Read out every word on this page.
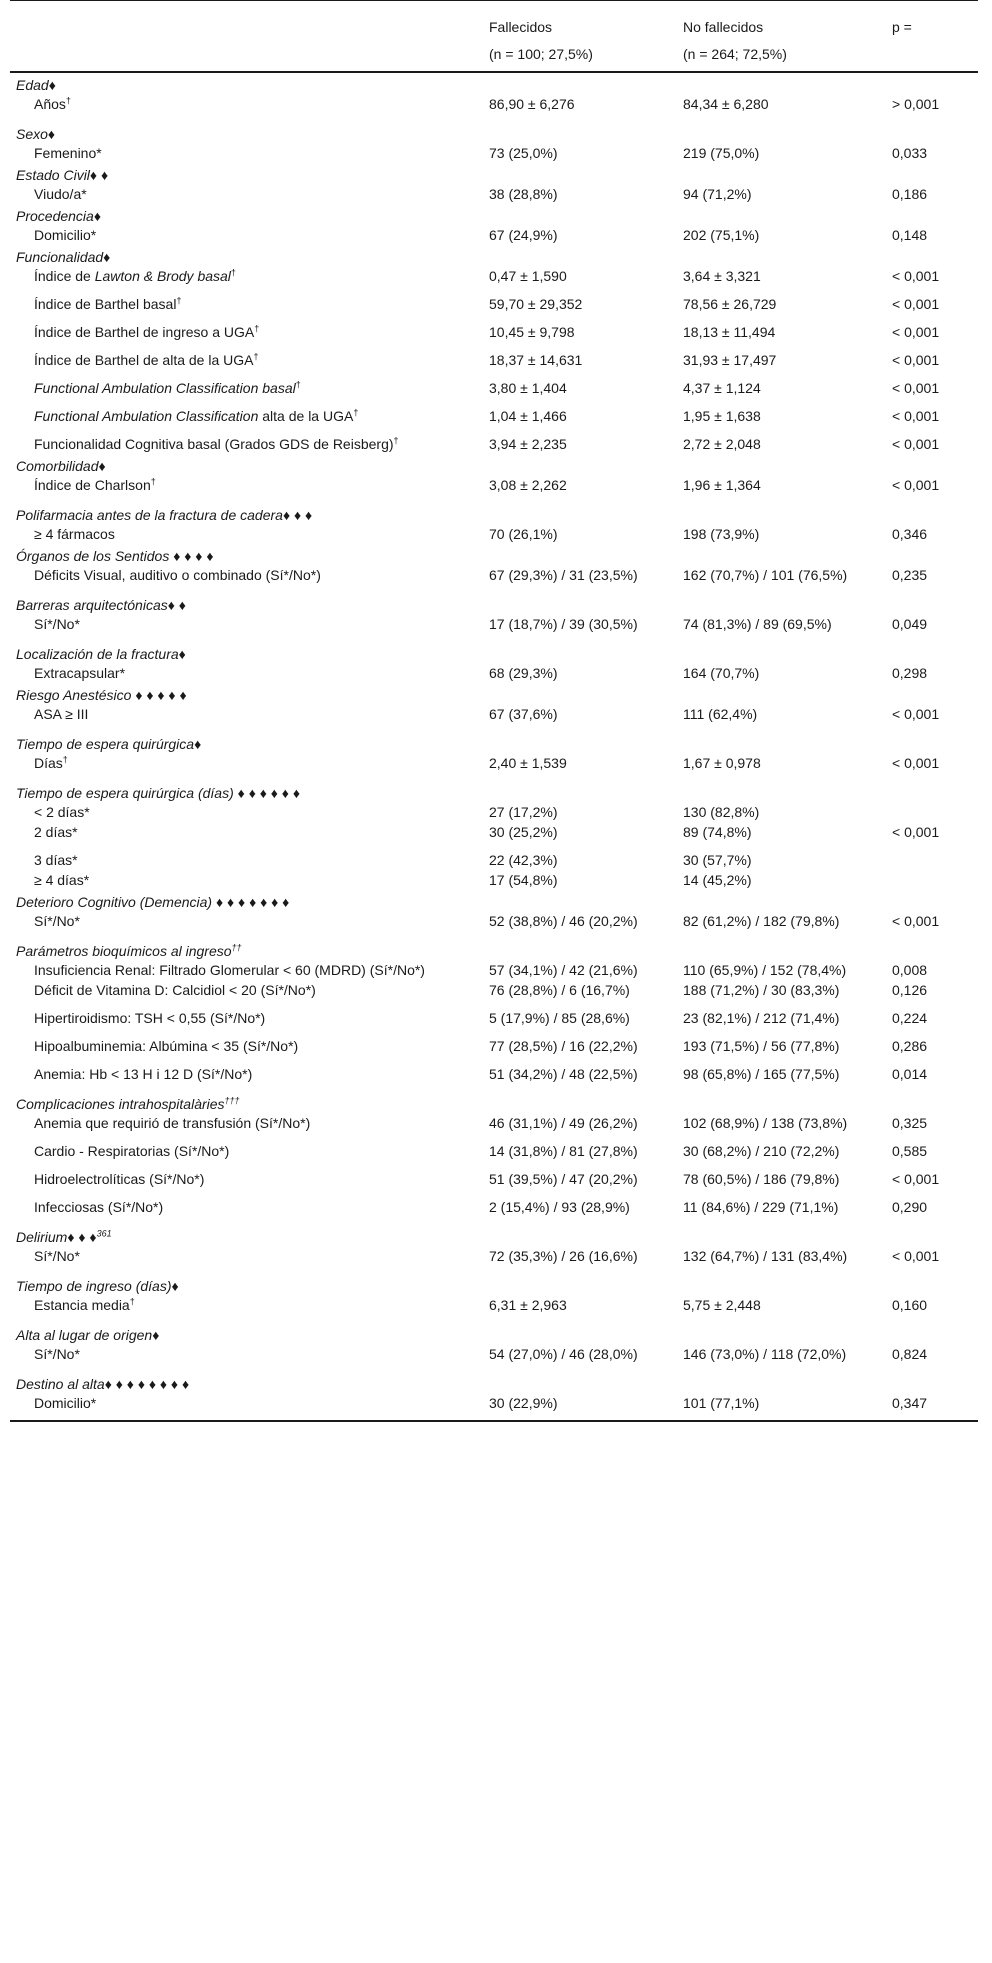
	Fallecidos	No fallecidos	p =
	(n = 100; 27,5%)	(n = 264; 72,5%)	
Edad♦			
Años†	86,90 ± 6,276	84,34 ± 6,280	> 0,001
Sexo♦			
Femenino*	73 (25,0%)	219 (75,0%)	0,033
Estado Civil♦ ♦			
Viudo/a*	38 (28,8%)	94 (71,2%)	0,186
Procedencia♦			
Domicilio*	67 (24,9%)	202 (75,1%)	0,148
Funcionalidad♦			
Índice de Lawton & Brody basal†	0,47 ± 1,590	3,64 ± 3,321	< 0,001
Índice de Barthel basal†	59,70 ± 29,352	78,56 ± 26,729	< 0,001
Índice de Barthel de ingreso a UGA†	10,45 ± 9,798	18,13 ± 11,494	< 0,001
Índice de Barthel de alta de la UGA†	18,37 ± 14,631	31,93 ± 17,497	< 0,001
Functional Ambulation Classification basal†	3,80 ± 1,404	4,37 ± 1,124	< 0,001
Functional Ambulation Classification alta de la UGA†	1,04 ± 1,466	1,95 ± 1,638	< 0,001
Funcionalidad Cognitiva basal (Grados GDS de Reisberg)†	3,94 ± 2,235	2,72 ± 2,048	< 0,001
Comorbilidad♦			
Índice de Charlson†	3,08 ± 2,262	1,96 ± 1,364	< 0,001
Polifarmacia antes de la fractura de cadera♦ ♦ ♦			
≥ 4 fármacos	70 (26,1%)	198 (73,9%)	0,346
Órganos de los Sentidos ♦ ♦ ♦ ♦			
Déficits Visual, auditivo o combinado (Sí*/No*)	67 (29,3%) / 31 (23,5%)	162 (70,7%) / 101 (76,5%)	0,235
Barreras arquitectónicas♦ ♦			
Sí*/No*	17 (18,7%) / 39 (30,5%)	74 (81,3%) / 89 (69,5%)	0,049
Localización de la fractura♦			
Extracapsular*	68 (29,3%)	164 (70,7%)	0,298
Riesgo Anestésico ♦ ♦ ♦ ♦ ♦			
ASA ≥ III	67 (37,6%)	111 (62,4%)	< 0,001
Tiempo de espera quirúrgica♦			
Días†	2,40 ± 1,539	1,67 ± 0,978	< 0,001
Tiempo de espera quirúrgica (días) ♦ ♦ ♦ ♦ ♦ ♦			
< 2 días*	27 (17,2%)	130 (82,8%)	
2 días*	30 (25,2%)	89 (74,8%)	< 0,001
3 días*	22 (42,3%)	30 (57,7%)	
≥ 4 días*	17 (54,8%)	14 (45,2%)	
Deterioro Cognitivo (Demencia) ♦ ♦ ♦ ♦ ♦ ♦ ♦			
Sí*/No*	52 (38,8%) / 46 (20,2%)	82 (61,2%) / 182 (79,8%)	< 0,001
Parámetros bioquímicos al ingreso††	
Insuficiencia Renal: Filtrado Glomerular < 60 (MDRD) (Sí*/No*)	57 (34,1%) / 42 (21,6%)	110 (65,9%) / 152 (78,4%)	0,008
Déficit de Vitamina D: Calcidiol < 20 (Sí*/No*)	76 (28,8%) / 6 (16,7%)	188 (71,2%) / 30 (83,3%)	0,126
Hipertiroidismo: TSH < 0,55 (Sí*/No*)	5 (17,9%) / 85 (28,6%)	23 (82,1%) / 212 (71,4%)	0,224
Hipoalbuminemia: Albúmina < 35 (Sí*/No*)	77 (28,5%) / 16 (22,2%)	193 (71,5%) / 56 (77,8%)	0,286
Anemia: Hb < 13 H i 12 D (Sí*/No*)	51 (34,2%) / 48 (22,5%)	98 (65,8%) / 165 (77,5%)	0,014
Complicaciones intrahospitalàries†††	
Anemia que requirió de transfusión (Sí*/No*)	46 (31,1%) / 49 (26,2%)	102 (68,9%) / 138 (73,8%)	0,325
Cardio - Respiratorias (Sí*/No*)	14 (31,8%) / 81 (27,8%)	30 (68,2%) / 210 (72,2%)	0,585
Hidroelectrolíticas (Sí*/No*)	51 (39,5%) / 47 (20,2%)	78 (60,5%) / 186 (79,8%)	< 0,001
Infecciosas (Sí*/No*)	2 (15,4%) / 93 (28,9%)	11 (84,6%) / 229 (71,1%)	0,290
Delirium♦ ♦ ♦$^{361}$	
Sí*/No*	72 (35,3%) / 26 (16,6%)	132 (64,7%) / 131 (83,4%)	< 0,001
Tiempo de ingreso (días)♦			
Estancia media†	6,31 ± 2,963	5,75 ± 2,448	0,160
Alta al lugar de origen♦			
Sí*/No*	54 (27,0%) / 46 (28,0%)	146 (73,0%) / 118 (72,0%)	0,824
Destino al alta♦ ♦ ♦ ♦ ♦ ♦ ♦ ♦			
Domicilio*	30 (22,9%)	101 (77,1%)	0,347
